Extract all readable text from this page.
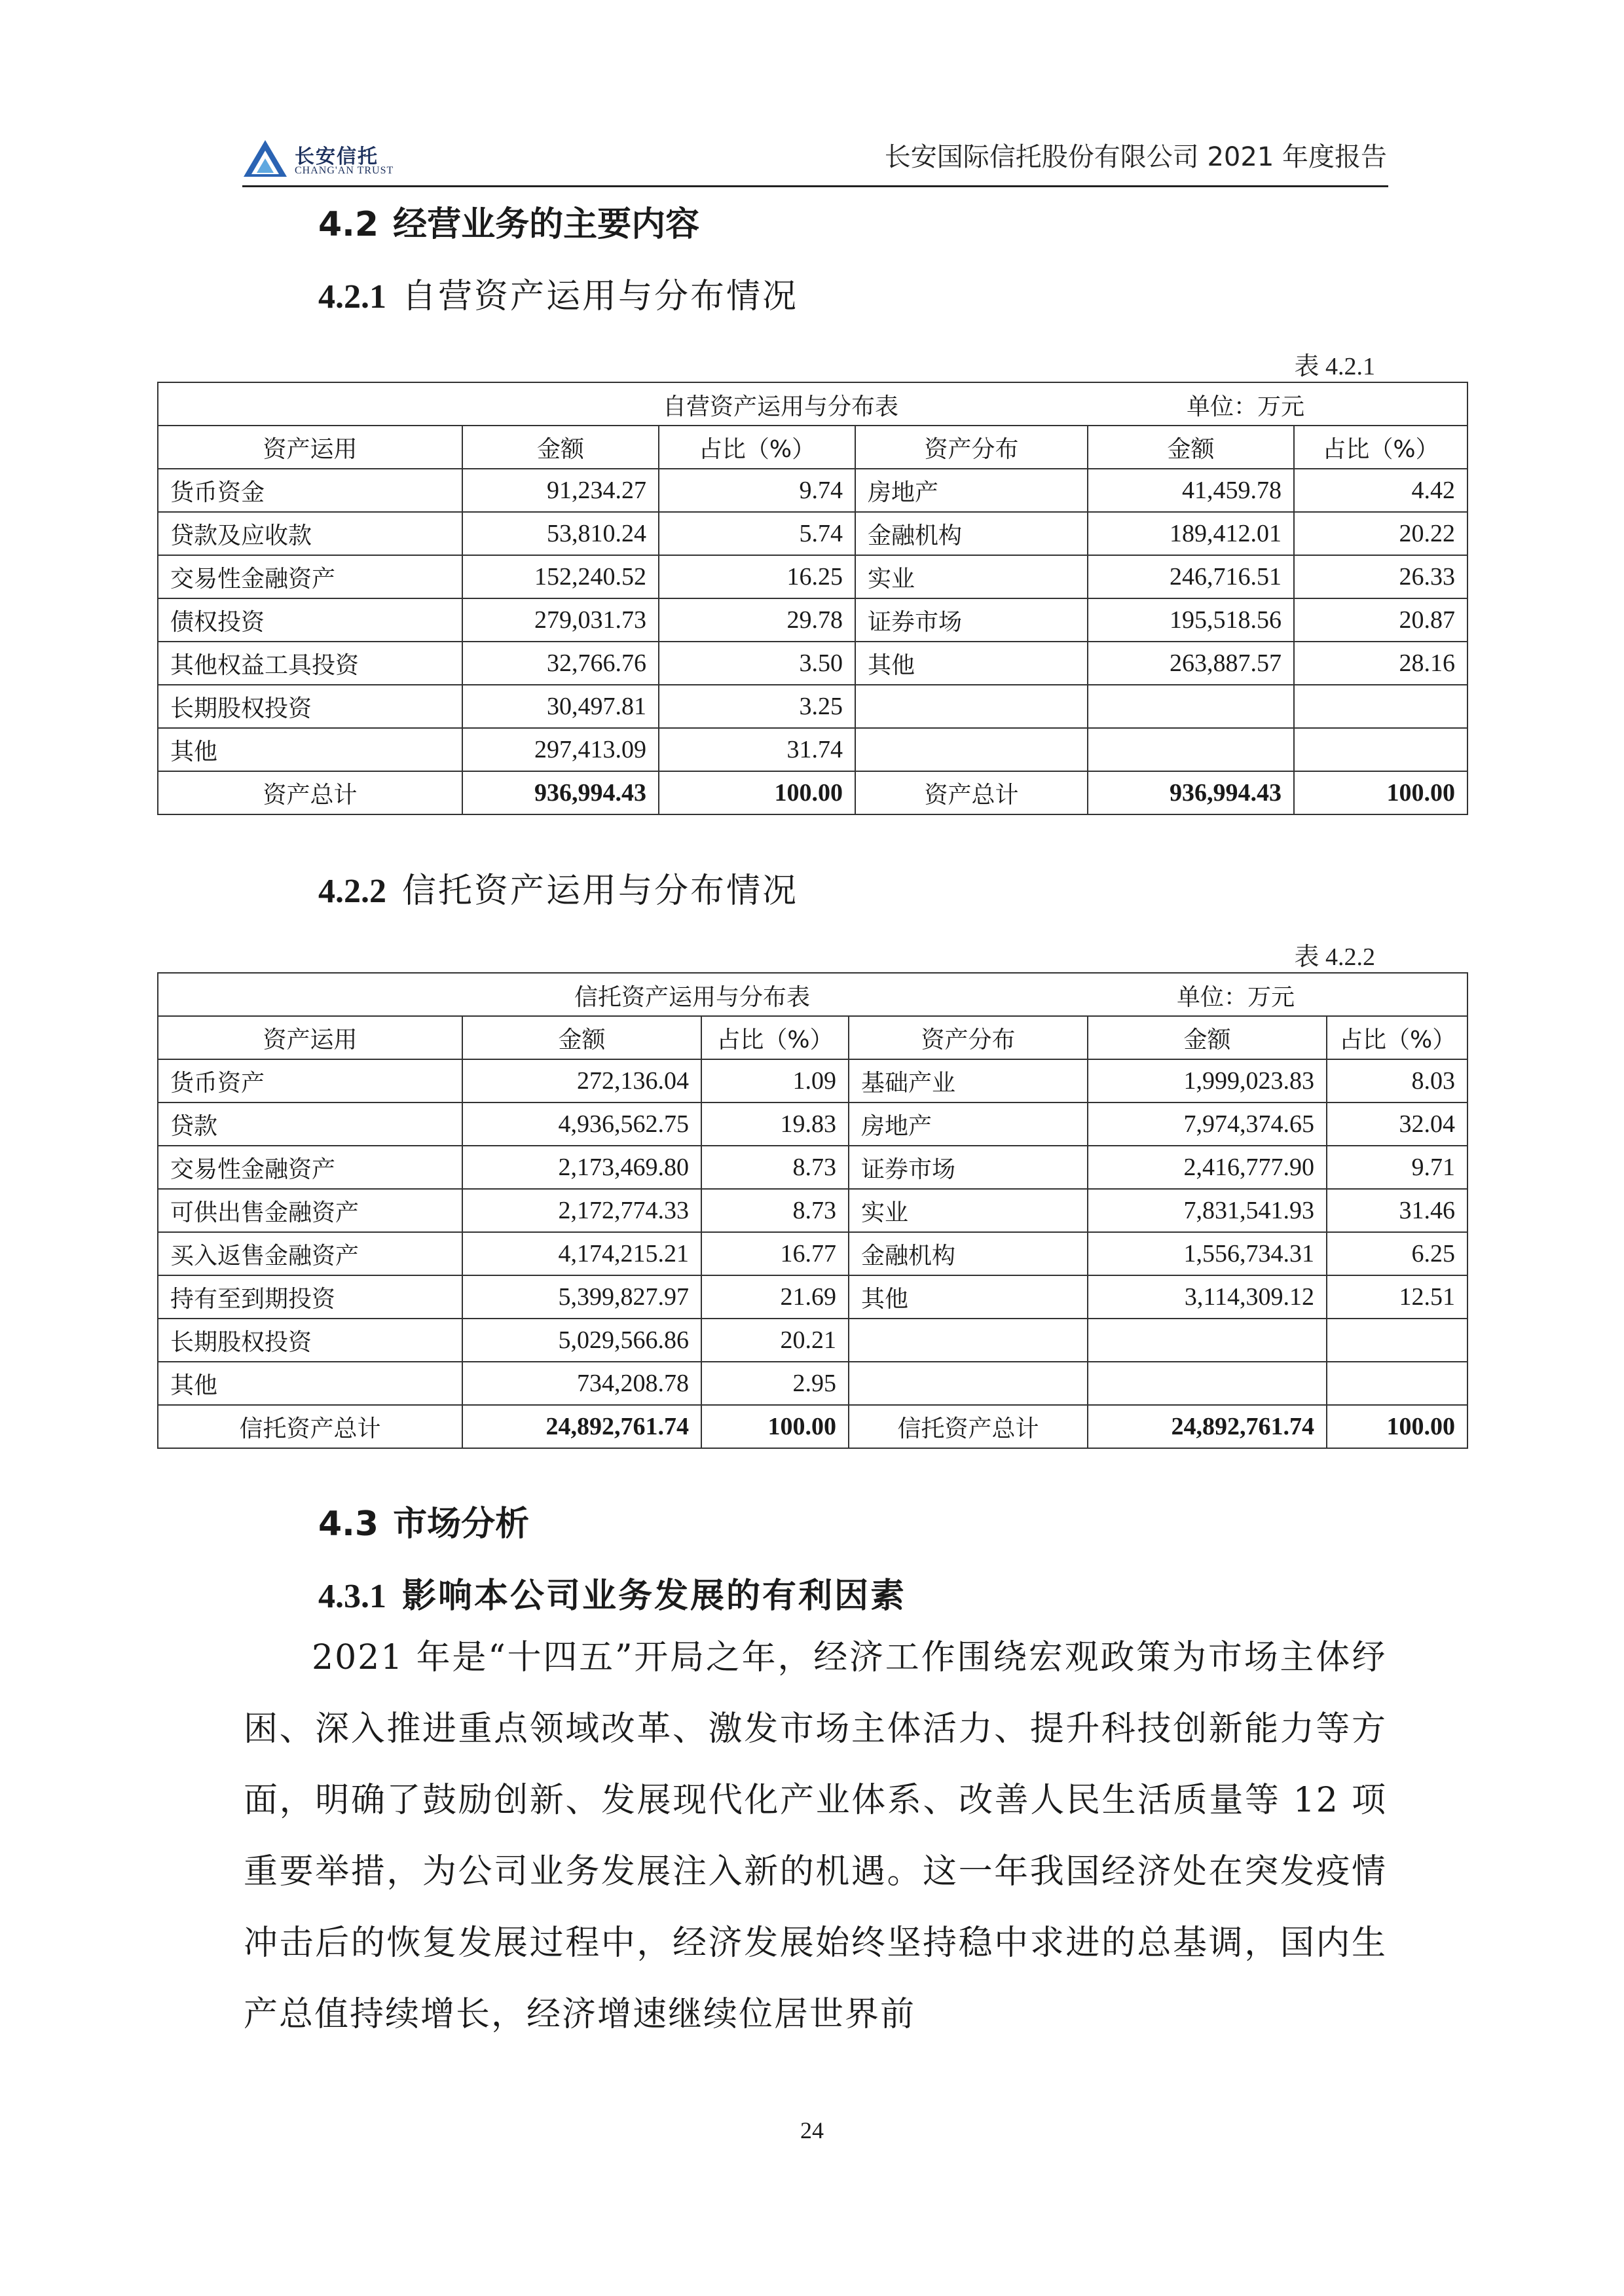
长安信托
CHANG'AN TRUST	长安国际信托股份有限公司 2021 年度报告
4.2 经营业务的主要内容
4.2.1 自营资产运用与分布情况
表 4.2.1
自营资产运用与分布表 单位：万元					

资产运用	金额	占比（%）	资产分布	金额	占比（%）
货币资金	91,234.27	9.74	房地产	41,459.78	4.42
贷款及应收款	53,810.24	5.74	金融机构	189,412.01	20.22
交易性金融资产	152,240.52	16.25	实业	246,716.51	26.33
债权投资	279,031.73	29.78	证券市场	195,518.56	20.87
其他权益工具投资	32,766.76	3.50	其他	263,887.57	28.16
长期股权投资	30,497.81	3.25			
其他	297,413.09	31.74			
资产总计	936,994.43	100.00	资产总计	936,994.43	100.00
4.2.2 信托资产运用与分布情况
表 4.2.2
信托资产运用与分布表 单位：万元					

资产运用	金额	占比（%）	资产分布	金额	占比（%）
货币资产	272,136.04	1.09	基础产业	1,999,023.83	8.03
贷款	4,936,562.75	19.83	房地产	7,974,374.65	32.04
交易性金融资产	2,173,469.80	8.73	证券市场	2,416,777.90	9.71
可供出售金融资产	2,172,774.33	8.73	实业	7,831,541.93	31.46
买入返售金融资产	4,174,215.21	16.77	金融机构	1,556,734.31	6.25
持有至到期投资	5,399,827.97	21.69	其他	3,114,309.12	12.51
长期股权投资	5,029,566.86	20.21			
其他	734,208.78	2.95			
信托资产总计	24,892,761.74	100.00	信托资产总计	24,892,761.74	100.00
4.3 市场分析
4.3.1 影响本公司业务发展的有利因素
2021 年是“十四五”开局之年，经济工作围绕宏观政策为市场主体纾困、深入推进重点领域改革、激发市场主体活力、提升科技创新能力等方面，明确了鼓励创新、发展现代化产业体系、改善人民生活质量等 12 项重要举措，为公司业务发展注入新的机遇。这一年我国经济处在突发疫情冲击后的恢复发展过程中，经济发展始终坚持稳中求进的总基调，国内生产总值持续增长，经济增速继续位居世界前
24
